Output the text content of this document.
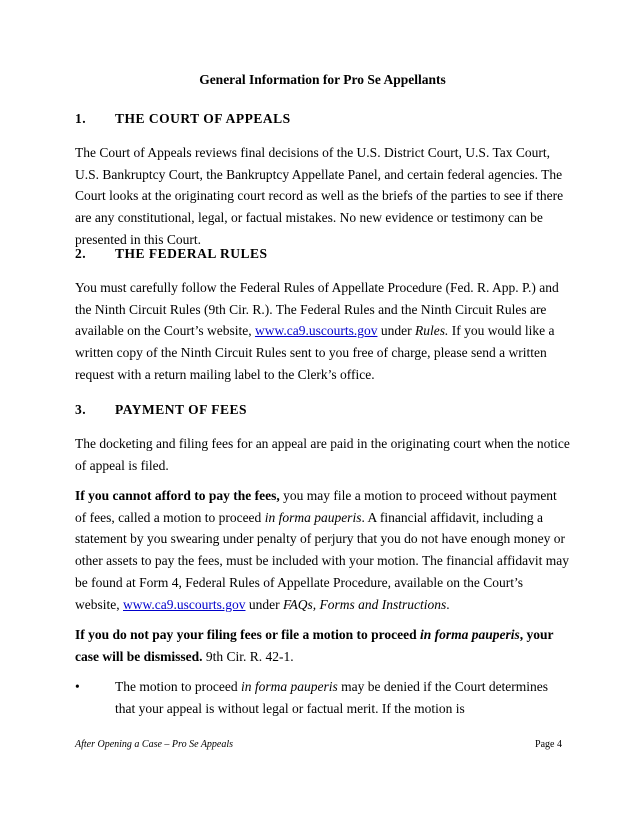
General Information for Pro Se Appellants
1. THE COURT OF APPEALS
The Court of Appeals reviews final decisions of the U.S. District Court, U.S. Tax Court, U.S. Bankruptcy Court, the Bankruptcy Appellate Panel, and certain federal agencies. The Court looks at the originating court record as well as the briefs of the parties to see if there are any constitutional, legal, or factual mistakes. No new evidence or testimony can be presented in this Court.
2. THE FEDERAL RULES
You must carefully follow the Federal Rules of Appellate Procedure (Fed. R. App. P.) and the Ninth Circuit Rules (9th Cir. R.). The Federal Rules and the Ninth Circuit Rules are available on the Court’s website, www.ca9.uscourts.gov under Rules. If you would like a written copy of the Ninth Circuit Rules sent to you free of charge, please send a written request with a return mailing label to the Clerk’s office.
3. PAYMENT OF FEES
The docketing and filing fees for an appeal are paid in the originating court when the notice of appeal is filed.
If you cannot afford to pay the fees, you may file a motion to proceed without payment of fees, called a motion to proceed in forma pauperis. A financial affidavit, including a statement by you swearing under penalty of perjury that you do not have enough money or other assets to pay the fees, must be included with your motion. The financial affidavit may be found at Form 4, Federal Rules of Appellate Procedure, available on the Court’s website, www.ca9.uscourts.gov under FAQs, Forms and Instructions.
If you do not pay your filing fees or file a motion to proceed in forma pauperis, your case will be dismissed. 9th Cir. R. 42-1.
•	The motion to proceed in forma pauperis may be denied if the Court determines that your appeal is without legal or factual merit. If the motion is
After Opening a Case – Pro Se Appeals	Page 4
